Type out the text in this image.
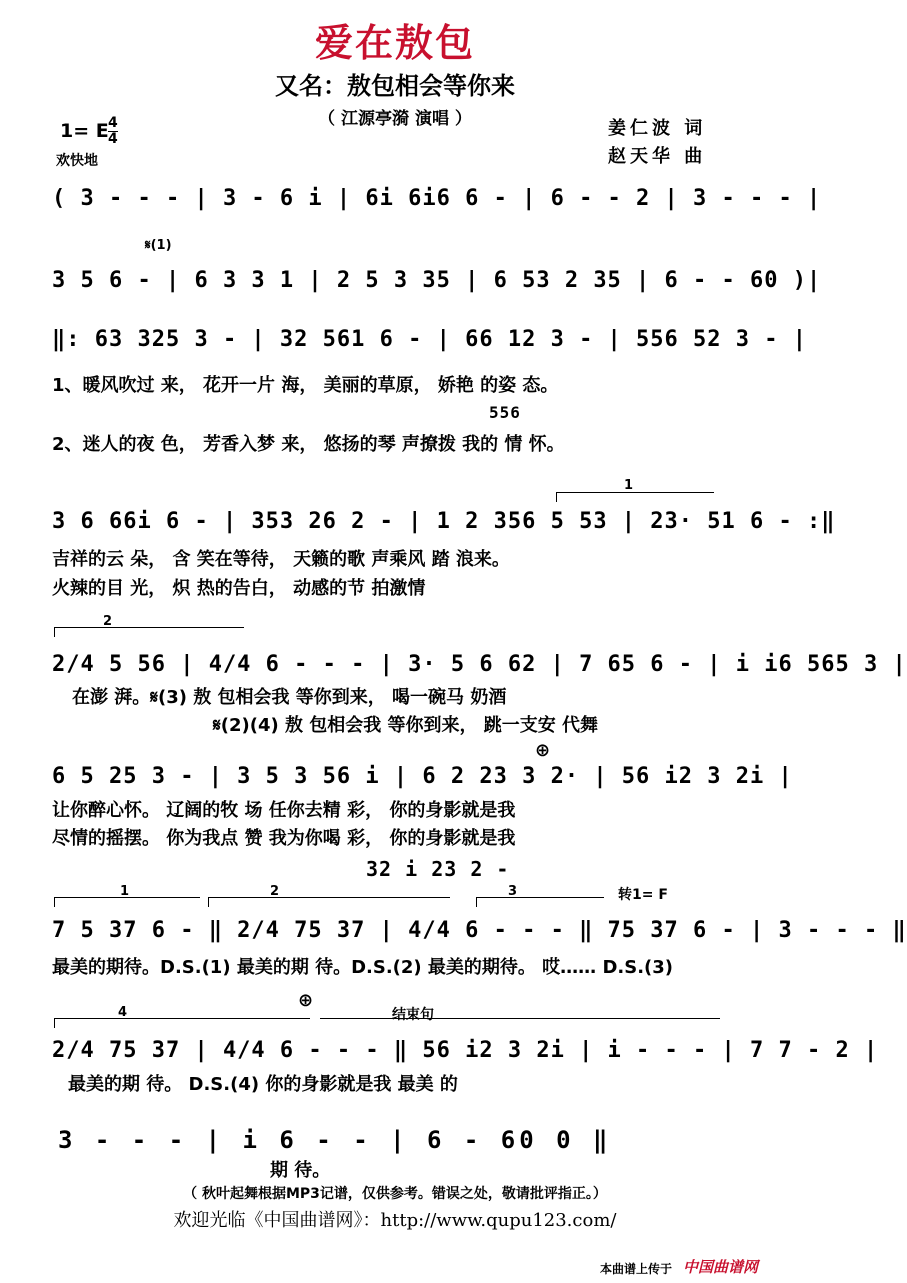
爱在敖包
又名：敖包相会等你来
（ 江源亭漪 演唱 ）	姜仁波 词
赵天华 曲
1= E 4
4
欢快地
( 3 - - - | 3 - 6 i | 6i 6i6 6 - | 6 - - 2 | 3 - - - |
𝄋(1)
3 5 6 - | 6 3 3 1 | 2 5 3 35 | 6 53 2 35 | 6 - - 60 )|
‖: 63 325 3 - | 32 561 6 - | 66 12 3 - | 556 52 3 - |
1、暖风吹过 来， 花开一片 海， 美丽的草原， 娇艳 的姿 态。
556
2、迷人的夜 色， 芳香入梦 来， 悠扬的琴 声撩拨 我的 情 怀。
1
3 6 66i 6 - | 353 26 2 - | 1 2 356 5 53 | 23· 51 6 - :‖
吉祥的云 朵， 含 笑在等待， 天籁的歌 声乘风 踏 浪来。
火辣的目 光， 炽 热的告白， 动感的节 拍激情
2
2/4 5 56 | 4/4 6 - - - | 3· 5 6 62 | 7 65 6 - | i i6 565 3 |
在澎 湃。𝄋(3) 敖 包相会我 等你到来， 喝一碗马 奶酒
𝄋(2)(4) 敖 包相会我 等你到来， 跳一支安 代舞
⊕
6 5 25 3 - | 3 5 3 56 i | 6 2 23 3 2· | 56 i2 3 2i |
让你醉心怀。 辽阔的牧 场 任你去精 彩， 你的身影就是我
尽情的摇摆。 你为我点 赞 我为你喝 彩， 你的身影就是我
32 i 23 2 -
1	2	3	转1= F
7 5 37 6 - ‖ 2/4 75 37 | 4/4 6 - - - ‖ 75 37 6 - | 3 - - - ‖
最美的期待。D.S.(1) 最美的期 待。D.S.(2) 最美的期待。 哎…… D.S.(3)
4
⊕
结束句
2/4 75 37 | 4/4 6 - - - ‖ 56 i2 3 2i | i - - - | 7 7 - 2 |
最美的期 待。 D.S.(4) 你的身影就是我 最美 的
3 - - - | i 6 - - | 6 - 60 0 ‖
期 待。
（ 秋叶起舞根据MP3记谱，仅供参考。错误之处，敬请批评指正。）
欢迎光临《中国曲谱网》：http://www.qupu123.com/
本曲谱上传于 中国曲谱网
